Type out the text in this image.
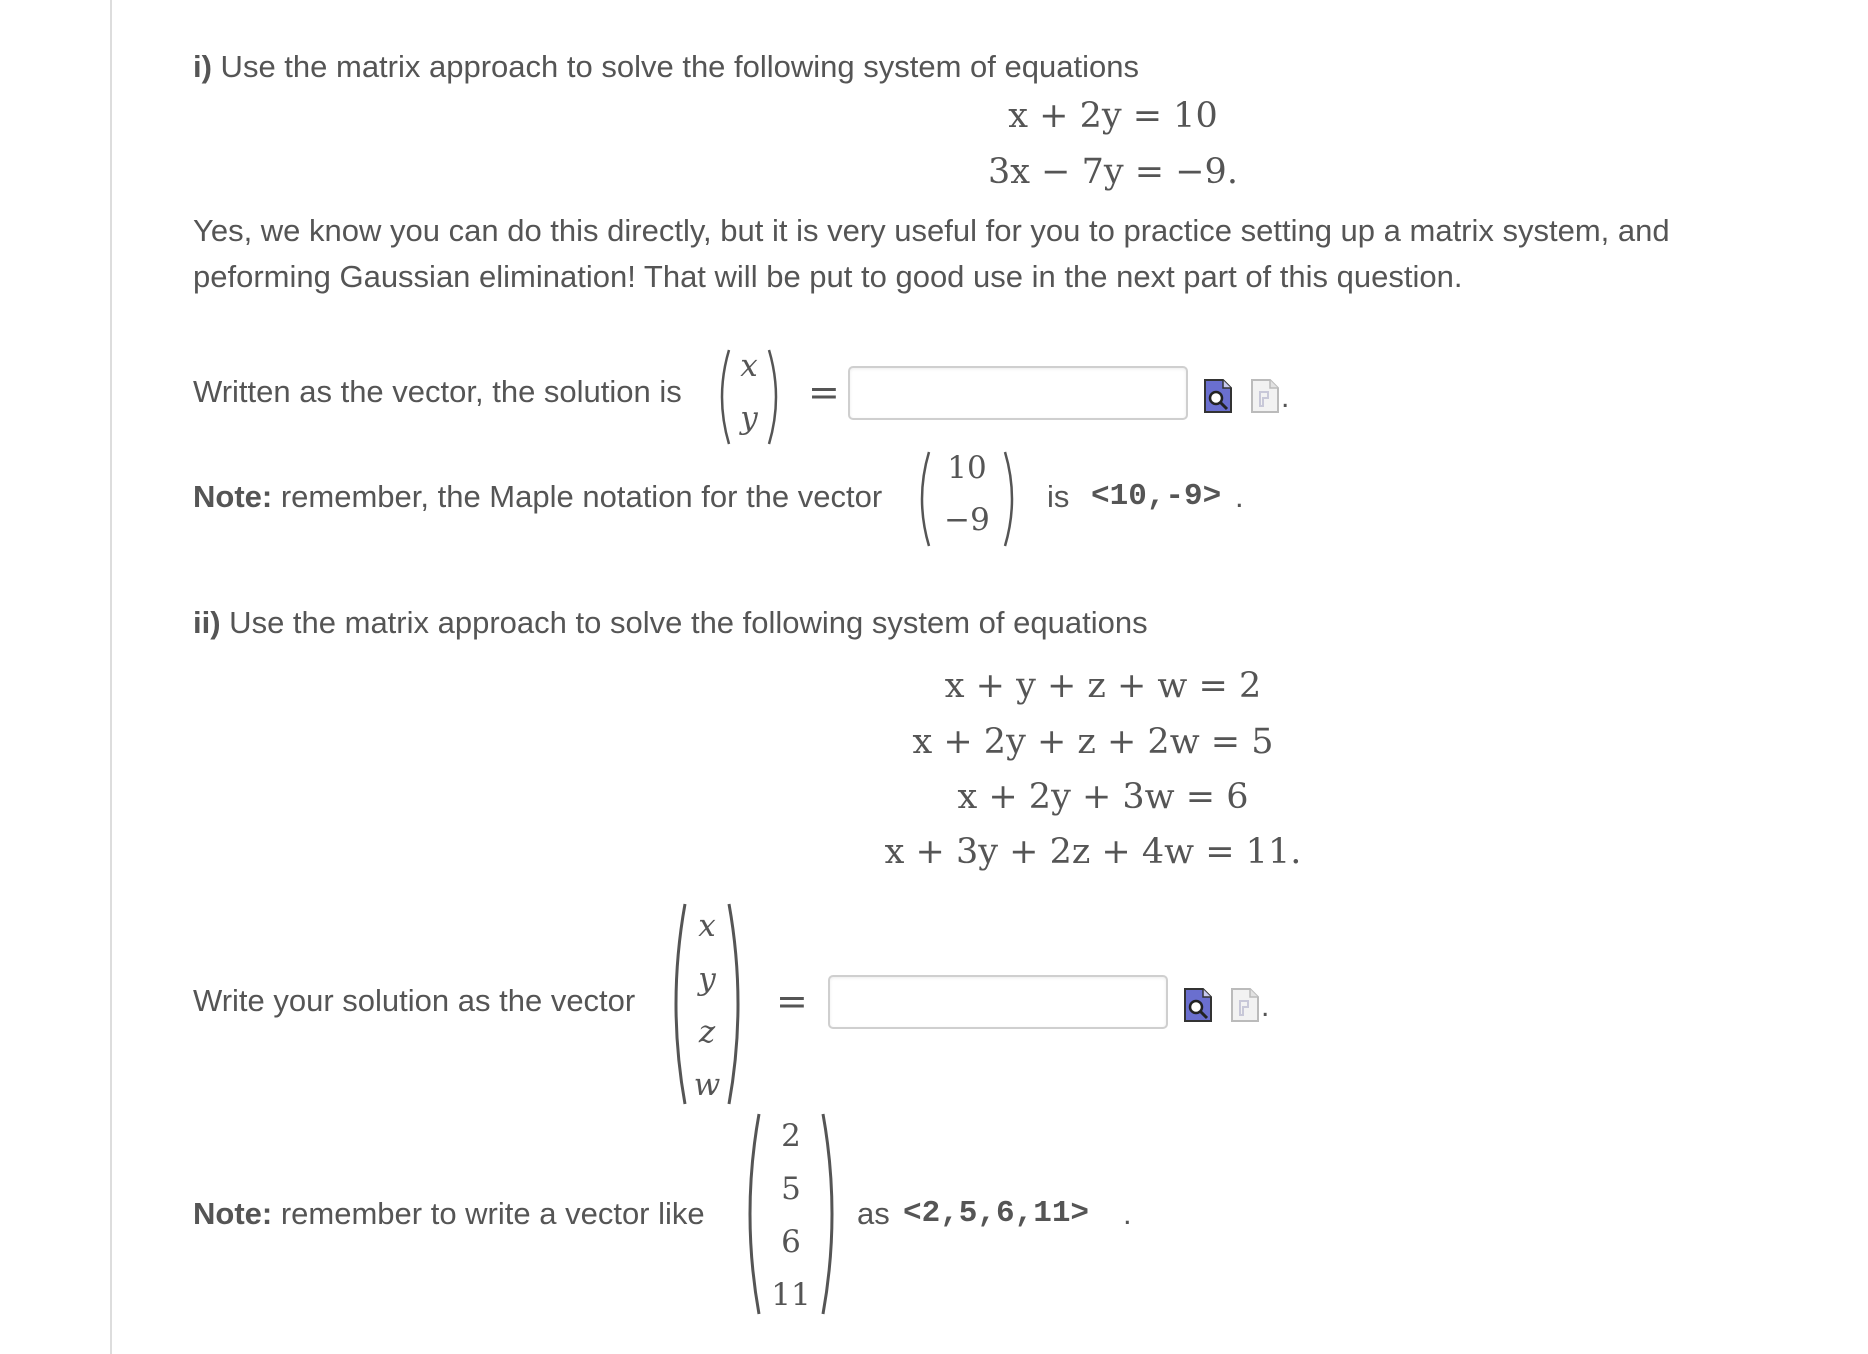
i) Use the matrix approach to solve the following system of equations
x + 2y = 10
3x − 7y = −9.
Yes, we know you can do this directly, but it is very useful for you to practice setting up a matrix system, and
peforming Gaussian elimination! That will be put to good use in the next part of this question.
Written as the vector, the solution is
x
y
=	.
Note: remember, the Maple notation for the vector
10
−9
is <10,-9> .
ii) Use the matrix approach to solve the following system of equations
x + y + z + w = 2
x + 2y + z + 2w = 5
x + 2y + 3w = 6
x + 3y + 2z + 4w = 11.
Write your solution as the vector
x
y
z
w
=	.
Note: remember to write a vector like
2
5
6
11
as <2,5,6,11> .
